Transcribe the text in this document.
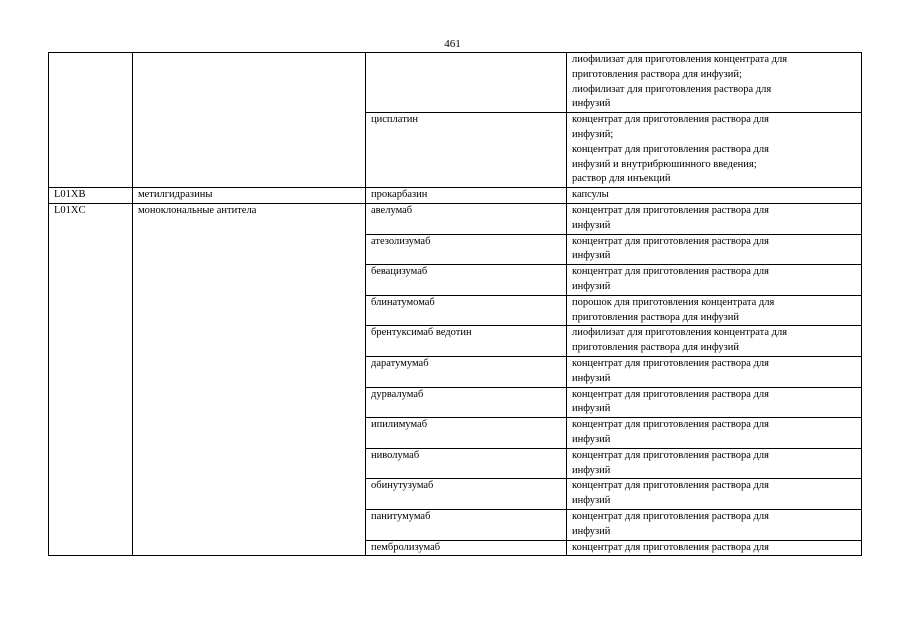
461

			лиофилизат для приготовления концентрата для
приготовления раствора для инфузий;
лиофилизат для приготовления раствора для
инфузий

		цисплатин	концентрат для приготовления раствора для
инфузий;
концентрат для приготовления раствора для
инфузий и внутрибрюшинного введения;
раствор для инъекций

L01XB	метилгидразины	прокарбазин	капсулы

L01XC	моноклональные антитела	авелумаб	концентрат для приготовления раствора для
инфузий

		атезолизумаб	концентрат для приготовления раствора для
инфузий

		бевацизумаб	концентрат для приготовления раствора для
инфузий

		блинатумомаб	порошок для приготовления концентрата для
приготовления раствора для инфузий

		брентуксимаб ведотин	лиофилизат для приготовления концентрата для
приготовления раствора для инфузий

		даратумумаб	концентрат для приготовления раствора для
инфузий

		дурвалумаб	концентрат для приготовления раствора для
инфузий

		ипилимумаб	концентрат для приготовления раствора для
инфузий

		ниволумаб	концентрат для приготовления раствора для
инфузий

		обинутузумаб	концентрат для приготовления раствора для
инфузий

		панитумумаб	концентрат для приготовления раствора для
инфузий

		пембролизумаб	концентрат для приготовления раствора для
